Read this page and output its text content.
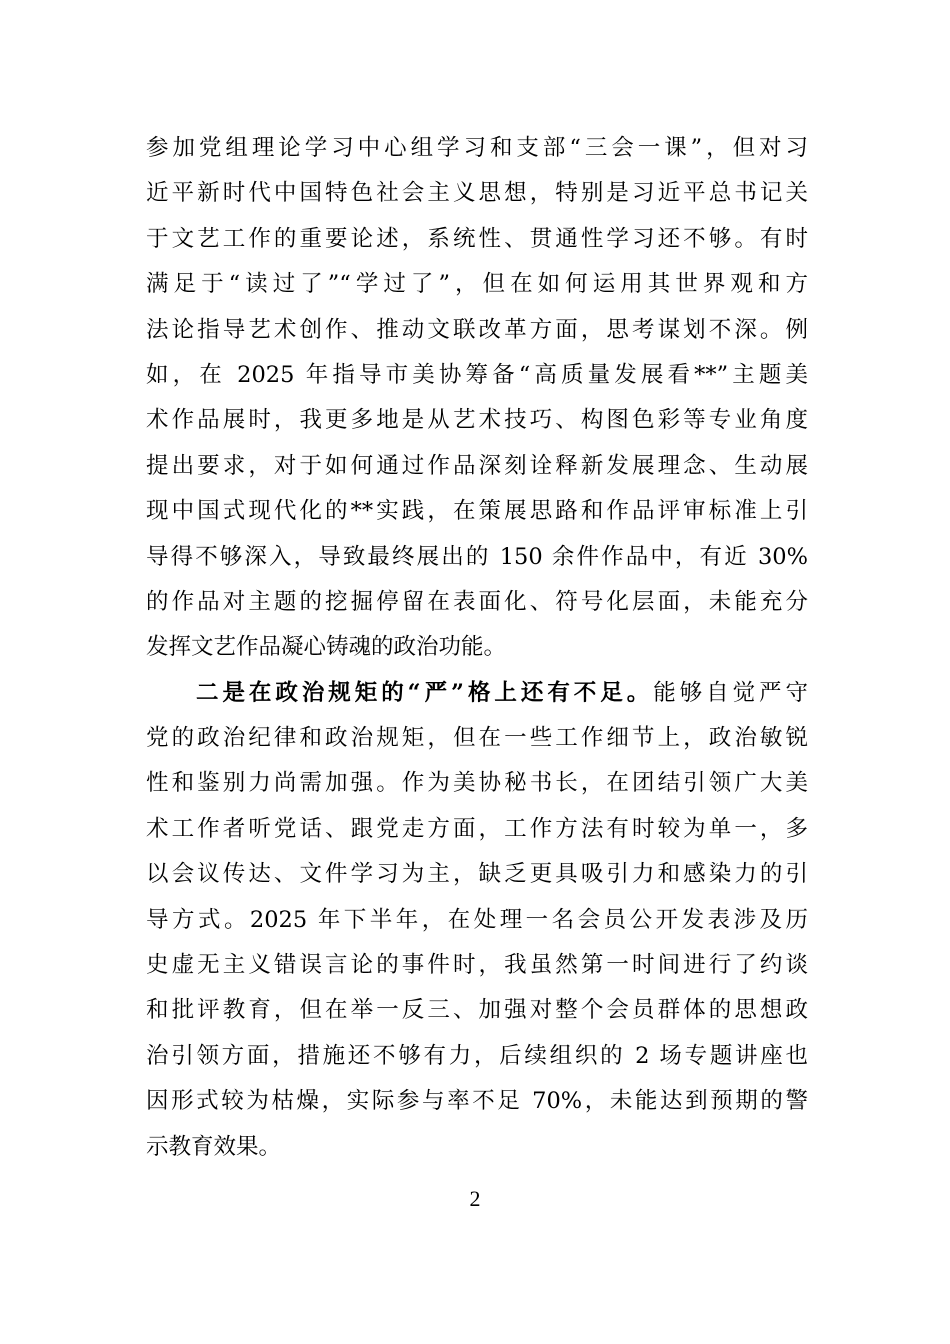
参加党组理论学习中心组学习和支部“三会一课”，但对习
近平新时代中国特色社会主义思想，特别是习近平总书记关
于文艺工作的重要论述，系统性、贯通性学习还不够。有时
满足于“读过了”“学过了”，但在如何运用其世界观和方
法论指导艺术创作、推动文联改革方面，思考谋划不深。例
如，在 2025 年指导市美协筹备“高质量发展看**”主题美
术作品展时，我更多地是从艺术技巧、构图色彩等专业角度
提出要求，对于如何通过作品深刻诠释新发展理念、生动展
现中国式现代化的**实践，在策展思路和作品评审标准上引
导得不够深入，导致最终展出的 150 余件作品中，有近 30%
的作品对主题的挖掘停留在表面化、符号化层面，未能充分
发挥文艺作品凝心铸魂的政治功能。
二是在政治规矩的“严”格上还有不足。能够自觉严守
党的政治纪律和政治规矩，但在一些工作细节上，政治敏锐
性和鉴别力尚需加强。作为美协秘书长，在团结引领广大美
术工作者听党话、跟党走方面，工作方法有时较为单一，多
以会议传达、文件学习为主，缺乏更具吸引力和感染力的引
导方式。2025 年下半年，在处理一名会员公开发表涉及历
史虚无主义错误言论的事件时，我虽然第一时间进行了约谈
和批评教育，但在举一反三、加强对整个会员群体的思想政
治引领方面，措施还不够有力，后续组织的 2 场专题讲座也
因形式较为枯燥，实际参与率不足 70%，未能达到预期的警
示教育效果。
2
